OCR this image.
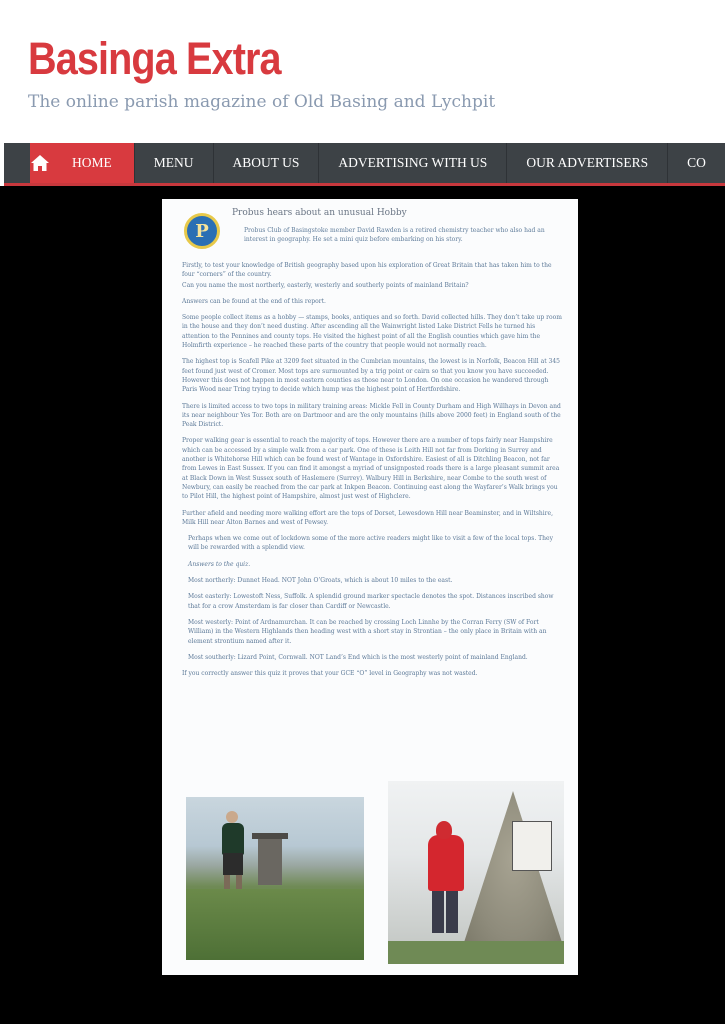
Basinga Extra
The online parish magazine of Old Basing and Lychpit
HOME	MENU	ABOUT US	ADVERTISING WITH US	OUR ADVERTISERS	CO
P
Probus hears about an unusual Hobby
Probus Club of Basingstoke member David Rawden is a retired chemistry teacher who also had an interest in geography. He set a mini quiz before embarking on his story.

Firstly, to test your knowledge of British geography based upon his exploration of Great Britain that has taken him to the four “corners” of the country.

Can you name the most northerly, easterly, westerly and southerly points of mainland Britain?

Answers can be found at the end of this report.

Some people collect items as a hobby — stamps, books, antiques and so forth. David collected hills. They don’t take up room in the house and they don’t need dusting. After ascending all the Wainwright listed Lake District Fells he turned his attention to the Pennines and county tops. He visited the highest point of all the English counties which gave him the Holmfirth experience – he reached these parts of the country that people would not normally reach.

The highest top is Scafell Pike at 3209 feet situated in the Cumbrian mountains, the lowest is in Norfolk, Beacon Hill at 345 feet found just west of Cromer. Most tops are surmounted by a trig point or cairn so that you know you have succeeded. However this does not happen in most eastern counties as those near to London. On one occasion he wandered through Paris Wood near Tring trying to decide which hump was the highest point of Hertfordshire.

There is limited access to two tops in military training areas: Mickle Fell in County Durham and High Willhays in Devon and its near neighbour Yes Tor. Both are on Dartmoor and are the only mountains (hills above 2000 feet) in England south of the Peak District.

Proper walking gear is essential to reach the majority of tops. However there are a number of tops fairly near Hampshire which can be accessed by a simple walk from a car park. One of these is Leith Hill not far from Dorking in Surrey and another is Whitehorse Hill which can be found west of Wantage in Oxfordshire. Easiest of all is Ditchling Beacon, not far from Lewes in East Sussex. If you can find it amongst a myriad of unsignposted roads there is a large pleasant summit area at Black Down in West Sussex south of Haslemere (Surrey). Walbury Hill in Berkshire, near Combe to the south west of Newbury, can easily be reached from the car park at Inkpen Beacon. Continuing east along the Wayfarer’s Walk brings you to Pilot Hill, the highest point of Hampshire, almost just west of Highclere.

Further afield and needing more walking effort are the tops of Dorset, Lewesdown Hill near Beaminster, and in Wiltshire, Milk Hill near Alton Barnes and west of Pewsey.

Perhaps when we come out of lockdown some of the more active readers might like to visit a few of the local tops. They will be rewarded with a splendid view.

Answers to the quiz.

Most northerly: Dunnet Head. NOT John O’Groats, which is about 10 miles to the east.

Most easterly: Lowestoft Ness, Suffolk. A splendid ground marker spectacle denotes the spot. Distances inscribed show that for a crow Amsterdam is far closer than Cardiff or Newcastle.

Most westerly: Point of Ardnamurchan. It can be reached by crossing Loch Linnhe by the Corran Ferry (SW of Fort William) in the Western Highlands then heading west with a short stay in Strontian – the only place in Britain with an element strontium named after it.

Most southerly: Lizard Point, Cornwall. NOT Land’s End which is the most westerly point of mainland England.

If you correctly answer this quiz it proves that your GCE “O” level in Geography was not wasted.
